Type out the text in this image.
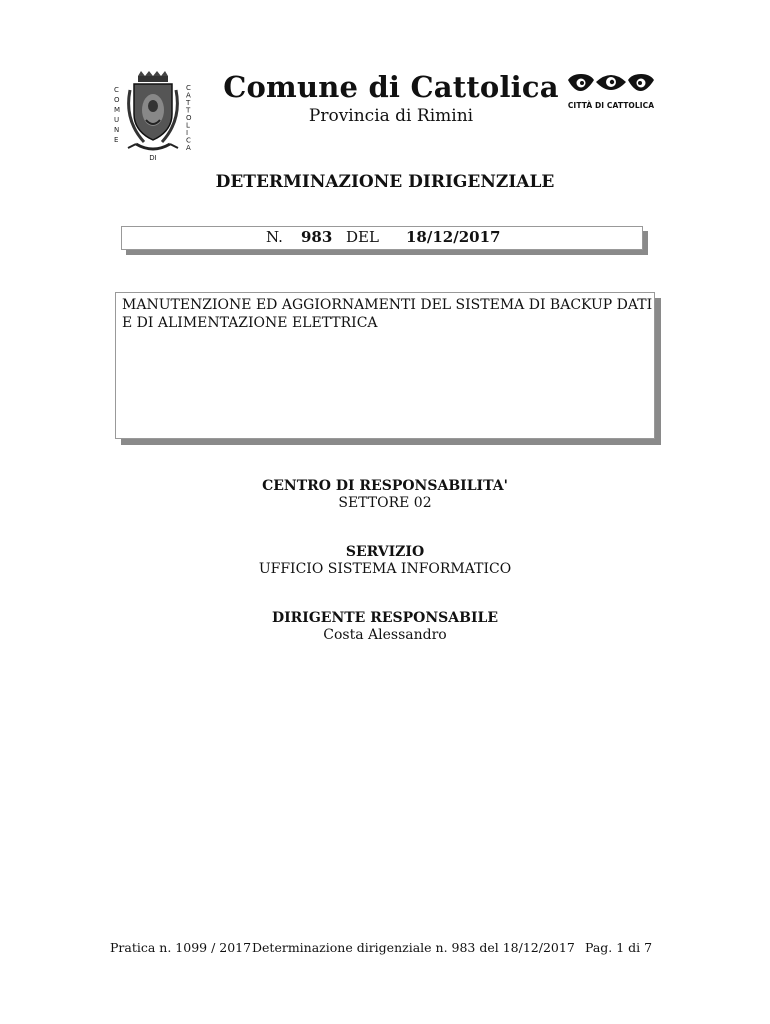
C
O
M
U
N
E
C
A
T
T
O
L
I
C
A
DI
Comune di Cattolica
Provincia di Rimini
CITTÀ DI CATTOLICA
DETERMINAZIONE DIRIGENZIALE
N. 983 DEL 18/12/2017
MANUTENZIONE ED AGGIORNAMENTI DEL SISTEMA DI BACKUP DATI
E DI ALIMENTAZIONE ELETTRICA
CENTRO DI RESPONSABILITA'
SETTORE 02
SERVIZIO
UFFICIO SISTEMA INFORMATICO
DIRIGENTE RESPONSABILE
Costa Alessandro
Pratica n. 1099 / 2017 Determinazione dirigenziale n. 983 del 18/12/2017 Pag. 1 di 7
